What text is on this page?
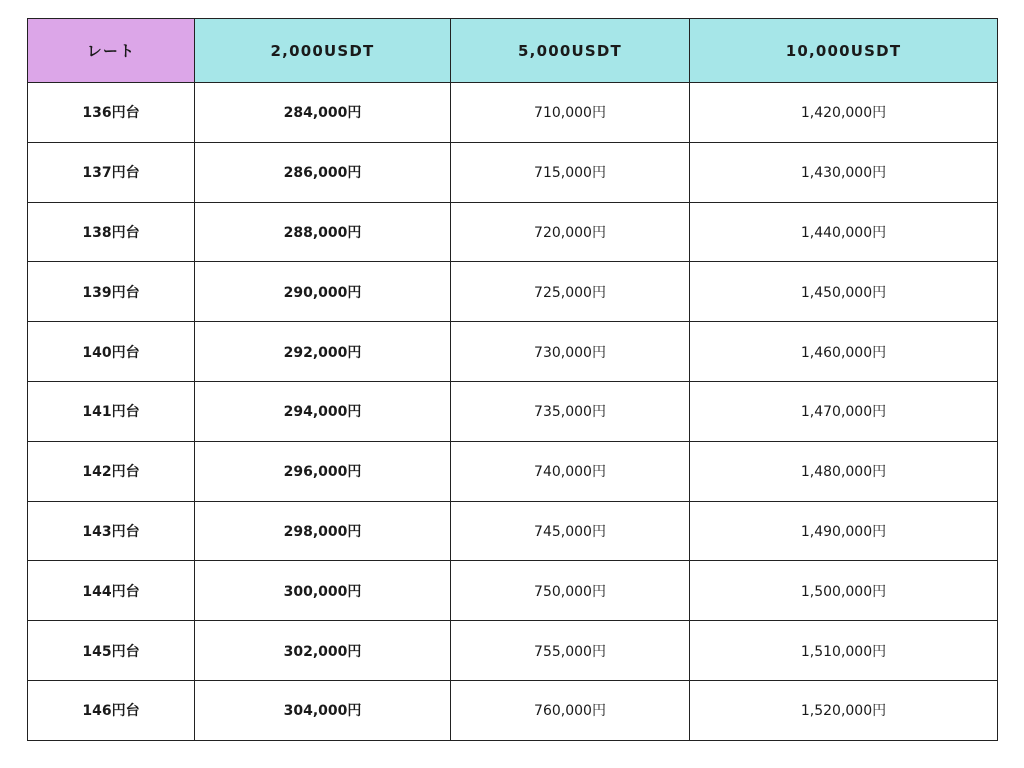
レート	2,000USDT	5,000USDT	10,000USDT
136円台	284,000円	710,000円	1,420,000円
137円台	286,000円	715,000円	1,430,000円
138円台	288,000円	720,000円	1,440,000円
139円台	290,000円	725,000円	1,450,000円
140円台	292,000円	730,000円	1,460,000円
141円台	294,000円	735,000円	1,470,000円
142円台	296,000円	740,000円	1,480,000円
143円台	298,000円	745,000円	1,490,000円
144円台	300,000円	750,000円	1,500,000円
145円台	302,000円	755,000円	1,510,000円
146円台	304,000円	760,000円	1,520,000円
